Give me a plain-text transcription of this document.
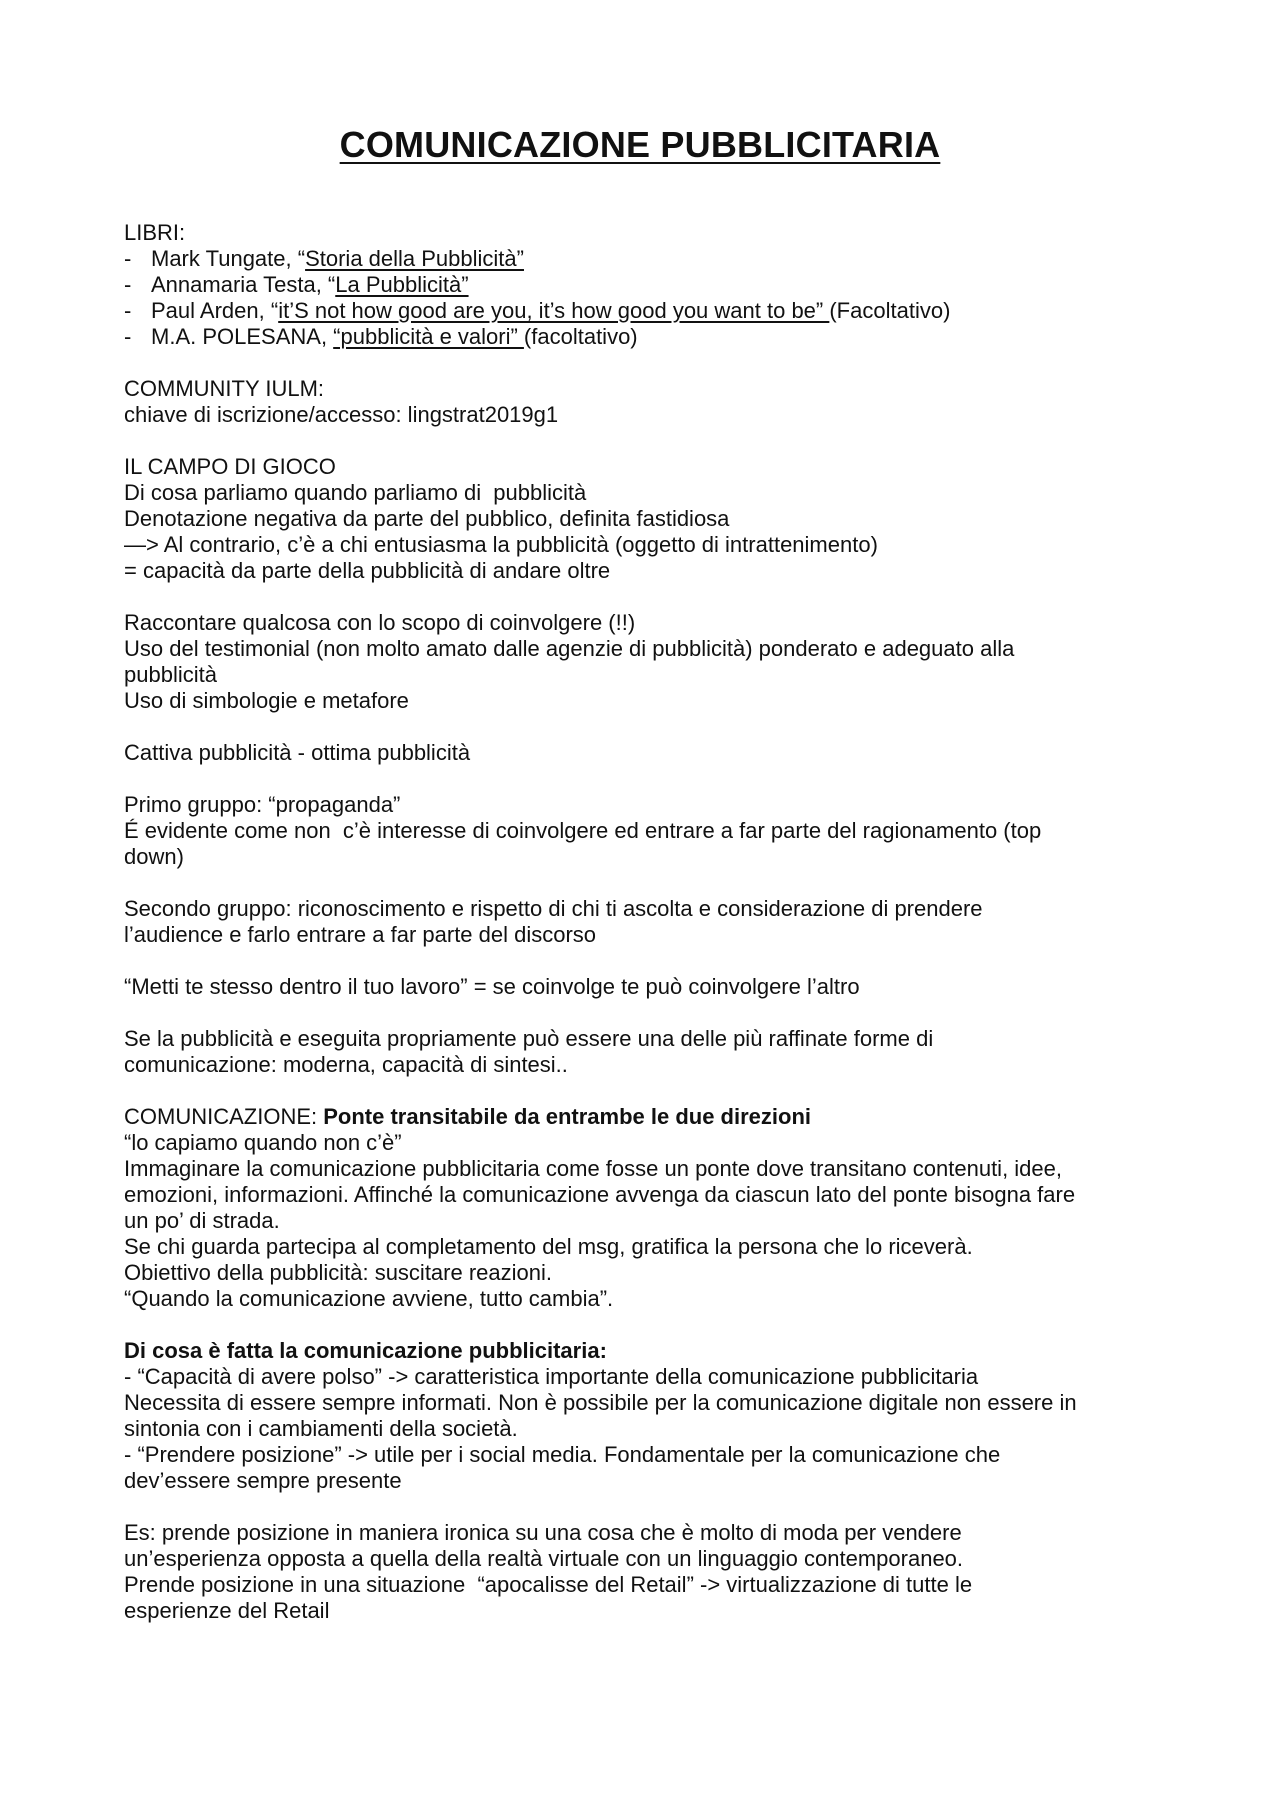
COMUNICAZIONE PUBBLICITARIA
LIBRI:
- Mark Tungate, “Storia della Pubblicità”
- Annamaria Testa, “La Pubblicità”
- Paul Arden, “it’S not how good are you, it’s how good you want to be” (Facoltativo)
- M.A. POLESANA, “pubblicità e valori” (facoltativo)
COMMUNITY IULM:
chiave di iscrizione/accesso: lingstrat2019g1
IL CAMPO DI GIOCO
Di cosa parliamo quando parliamo di  pubblicità
Denotazione negativa da parte del pubblico, definita fastidiosa
—> Al contrario, c’è a chi entusiasma la pubblicità (oggetto di intrattenimento)
= capacità da parte della pubblicità di andare oltre
Raccontare qualcosa con lo scopo di coinvolgere (!!)
Uso del testimonial (non molto amato dalle agenzie di pubblicità) ponderato e adeguato alla
pubblicità
Uso di simbologie e metafore
Cattiva pubblicità - ottima pubblicità
Primo gruppo: “propaganda”
É evidente come non  c’è interesse di coinvolgere ed entrare a far parte del ragionamento (top
down)
Secondo gruppo: riconoscimento e rispetto di chi ti ascolta e considerazione di prendere
l’audience e farlo entrare a far parte del discorso
“Metti te stesso dentro il tuo lavoro” = se coinvolge te può coinvolgere l’altro
Se la pubblicità e eseguita propriamente può essere una delle più raffinate forme di
comunicazione: moderna, capacità di sintesi..
COMUNICAZIONE: Ponte transitabile da entrambe le due direzioni
“lo capiamo quando non c’è”
Immaginare la comunicazione pubblicitaria come fosse un ponte dove transitano contenuti, idee,
emozioni, informazioni. Affinché la comunicazione avvenga da ciascun lato del ponte bisogna fare
un po’ di strada.
Se chi guarda partecipa al completamento del msg, gratifica la persona che lo riceverà.
Obiettivo della pubblicità: suscitare reazioni.
“Quando la comunicazione avviene, tutto cambia”.
Di cosa è fatta la comunicazione pubblicitaria:
- “Capacità di avere polso” -> caratteristica importante della comunicazione pubblicitaria
Necessita di essere sempre informati. Non è possibile per la comunicazione digitale non essere in
sintonia con i cambiamenti della società.
- “Prendere posizione” -> utile per i social media. Fondamentale per la comunicazione che
dev’essere sempre presente
Es: prende posizione in maniera ironica su una cosa che è molto di moda per vendere
un’esperienza opposta a quella della realtà virtuale con un linguaggio contemporaneo.
Prende posizione in una situazione  “apocalisse del Retail” -> virtualizzazione di tutte le
esperienze del Retail
